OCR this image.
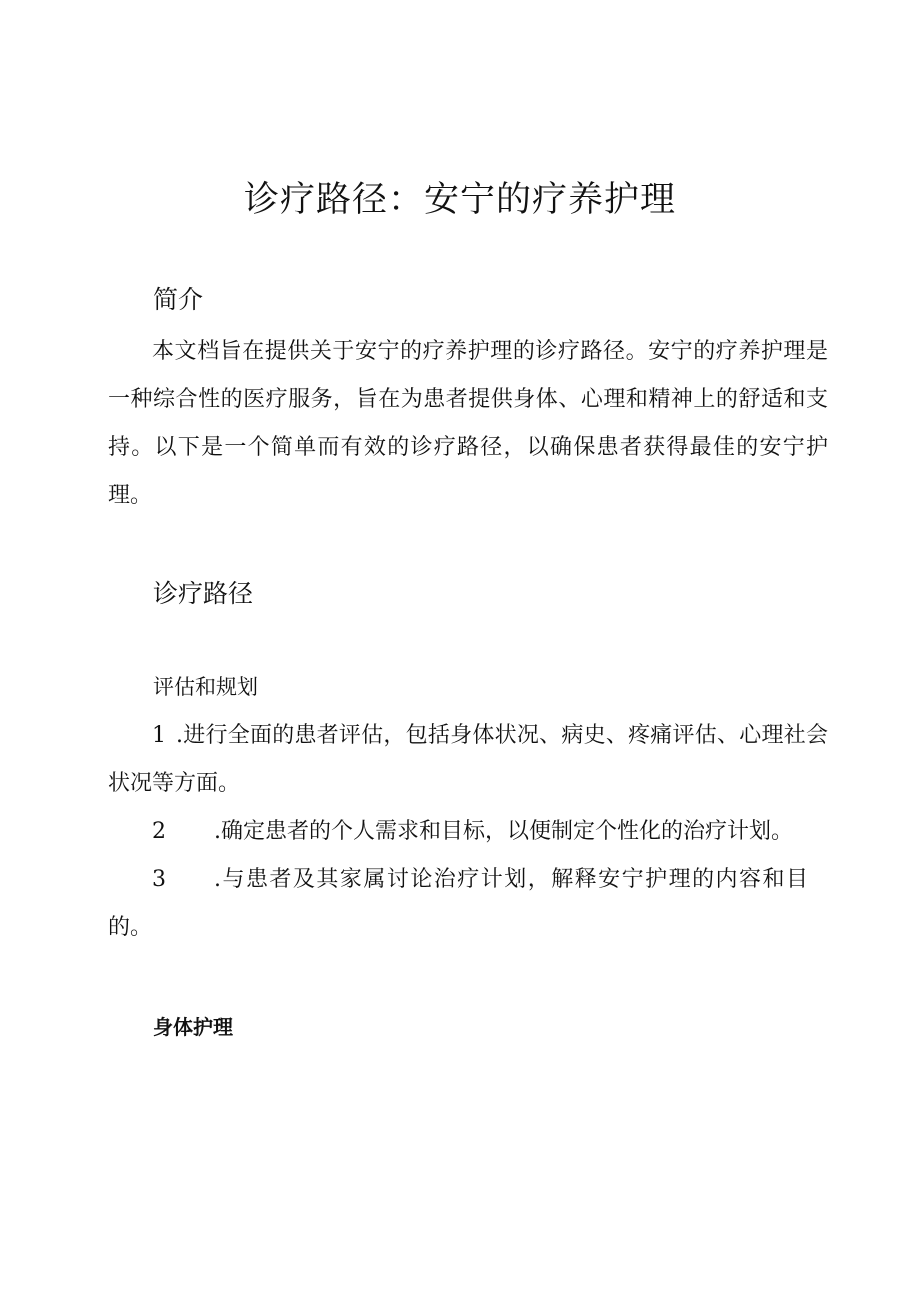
诊疗路径：安宁的疗养护理
简介

本文档旨在提供关于安宁的疗养护理的诊疗路径。安宁的疗养护理是一种综合性的医疗服务，旨在为患者提供身体、心理和精神上的舒适和支持。以下是一个简单而有效的诊疗路径，以确保患者获得最佳的安宁护理。

诊疗路径
评估和规划

1 .进行全面的患者评估，包括身体状况、病史、疼痛评估、心理社会状况等方面。

2 .确定患者的个人需求和目标，以便制定个性化的治疗计划。

3 .与患者及其家属讨论治疗计划，解释安宁护理的内容和目的。

身体护理
